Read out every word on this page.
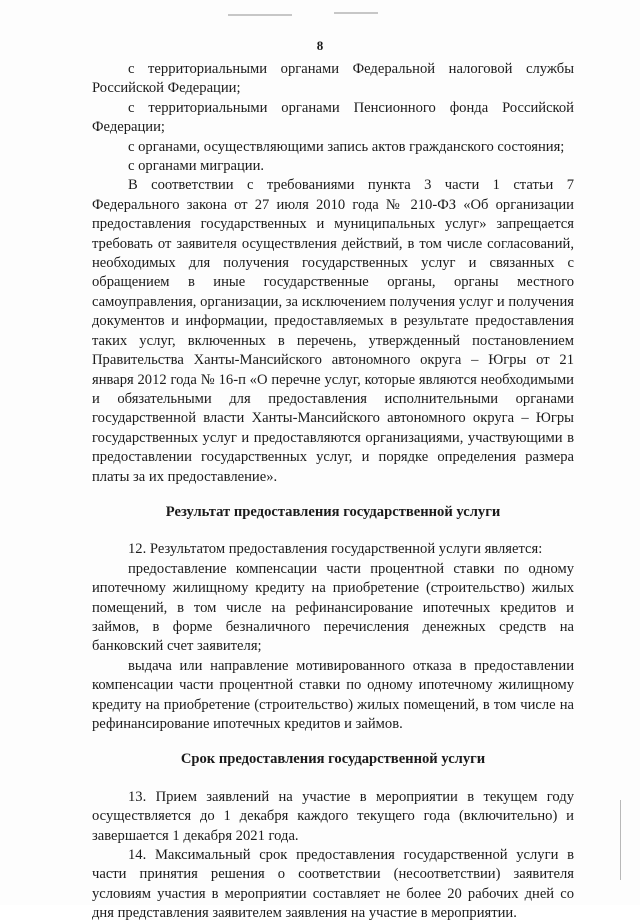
8

с территориальными органами Федеральной налоговой службы Российской Федерации;

с территориальными органами Пенсионного фонда Российской Федерации;

с органами, осуществляющими запись актов гражданского состояния;

с органами миграции.

В соответствии с требованиями пункта 3 части 1 статьи 7 Федерального закона от 27 июля 2010 года № 210-ФЗ «Об организации предоставления государственных и муниципальных услуг» запрещается требовать от заявителя осуществления действий, в том числе согласований, необходимых для получения государственных услуг и связанных с обращением в иные государственные органы, органы местного самоуправления, организации, за исключением получения услуг и получения документов и информации, предоставляемых в результате предоставления таких услуг, включенных в перечень, утвержденный постановлением Правительства Ханты-Мансийского автономного округа – Югры от 21 января 2012 года № 16-п «О перечне услуг, которые являются необходимыми и обязательными для предоставления исполнительными органами государственной власти Ханты-Мансийского автономного округа – Югры государственных услуг и предоставляются организациями, участвующими в предоставлении государственных услуг, и порядке определения размера платы за их предоставление».

Результат предоставления государственной услуги

12. Результатом предоставления государственной услуги является:

предоставление компенсации части процентной ставки по одному ипотечному жилищному кредиту на приобретение (строительство) жилых помещений, в том числе на рефинансирование ипотечных кредитов и займов, в форме безналичного перечисления денежных средств на банковский счет заявителя;

выдача или направление мотивированного отказа в предоставлении компенсации части процентной ставки по одному ипотечному жилищному кредиту на приобретение (строительство) жилых помещений, в том числе на рефинансирование ипотечных кредитов и займов.

Срок предоставления государственной услуги

13. Прием заявлений на участие в мероприятии в текущем году осуществляется до 1 декабря каждого текущего года (включительно) и завершается 1 декабря 2021 года.

14. Максимальный срок предоставления государственной услуги в части принятия решения о соответствии (несоответствии) заявителя условиям участия в мероприятии составляет не более 20 рабочих дней со дня представления заявителем заявления на участие в мероприятии.
